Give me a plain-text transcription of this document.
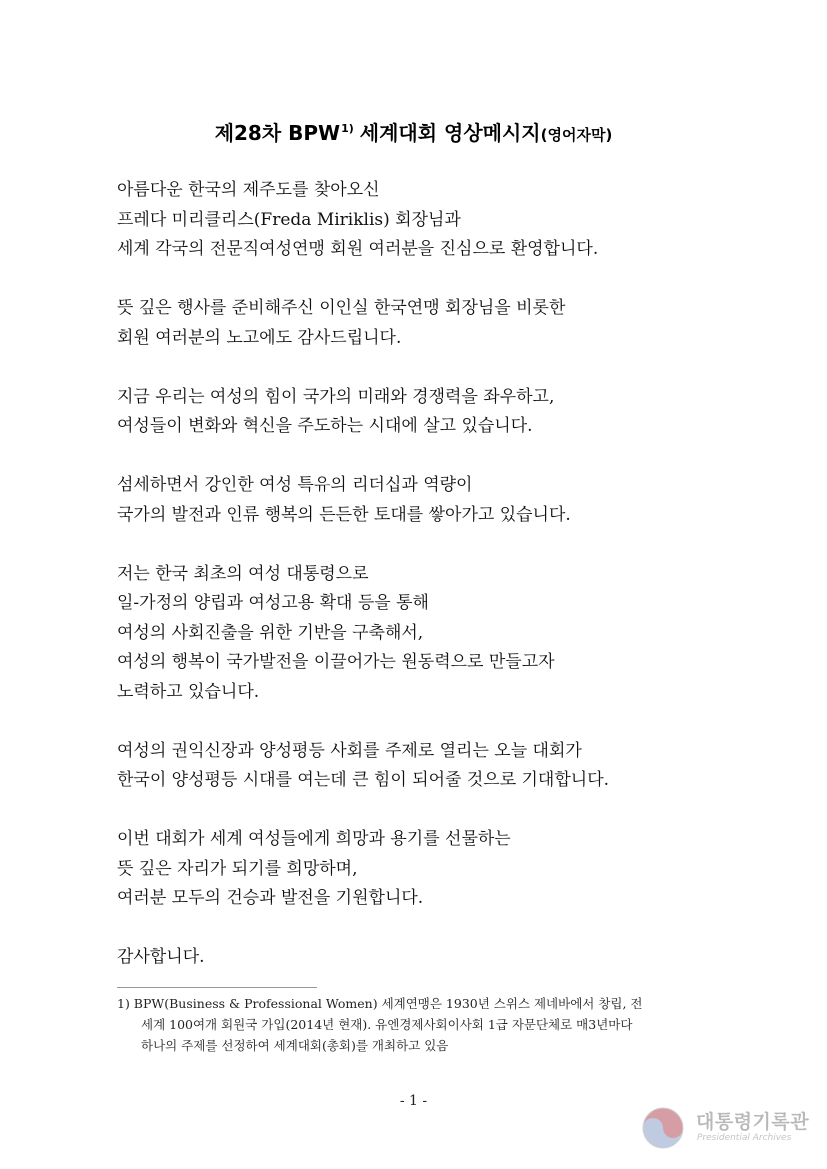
제28차 BPW$^{1)}$ 세계대회 영상메시지(영어자막)
아름다운 한국의 제주도를 찾아오신
프레다 미리클리스(Freda Miriklis) 회장님과
세계 각국의 전문직여성연맹 회원 여러분을 진심으로 환영합니다.
뜻 깊은 행사를 준비해주신 이인실 한국연맹 회장님을 비롯한
회원 여러분의 노고에도 감사드립니다.
지금 우리는 여성의 힘이 국가의 미래와 경쟁력을 좌우하고,
여성들이 변화와 혁신을 주도하는 시대에 살고 있습니다.
섬세하면서 강인한 여성 특유의 리더십과 역량이
국가의 발전과 인류 행복의 든든한 토대를 쌓아가고 있습니다.
저는 한국 최초의 여성 대통령으로
일-가정의 양립과 여성고용 확대 등을 통해
여성의 사회진출을 위한 기반을 구축해서,
여성의 행복이 국가발전을 이끌어가는 원동력으로 만들고자
노력하고 있습니다.
여성의 권익신장과 양성평등 사회를 주제로 열리는 오늘 대회가
한국이 양성평등 시대를 여는데 큰 힘이 되어줄 것으로 기대합니다.
이번 대회가 세계 여성들에게 희망과 용기를 선물하는
뜻 깊은 자리가 되기를 희망하며,
여러분 모두의 건승과 발전을 기원합니다.
감사합니다.
1) BPW(Business & Professional Women) 세계연맹은 1930년 스위스 제네바에서 창립, 전
세계 100여개 회원국 가입(2014년 현재). 유엔경제사회이사회 1급 자문단체로 매3년마다
하나의 주제를 선정하여 세계대회(총회)를 개최하고 있음
- 1 -
대통령기록관
Presidential Archives
